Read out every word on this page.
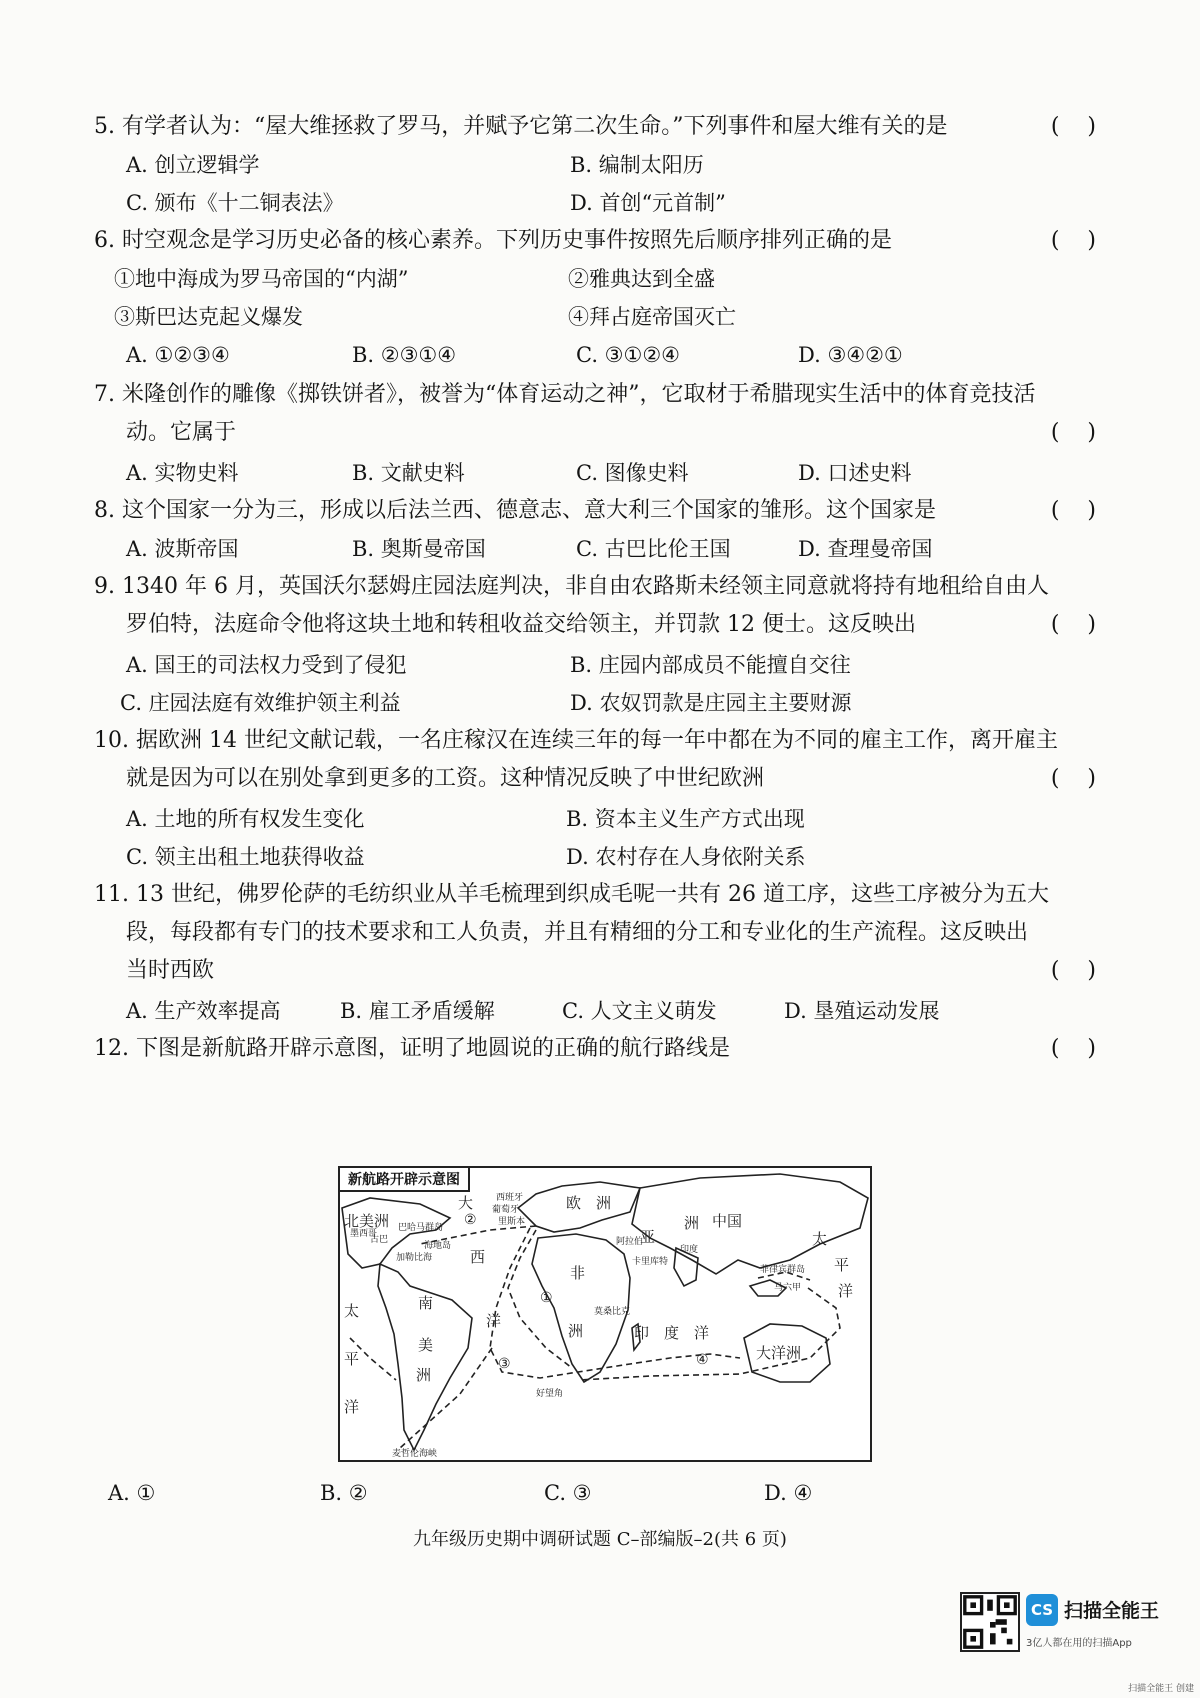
5. 有学者认为：“屋大维拯救了罗马，并赋予它第二次生命。”下列事件和屋大维有关的是	()
A. 创立逻辑学	B. 编制太阳历
C. 颁布《十二铜表法》	D. 首创“元首制”
6. 时空观念是学习历史必备的核心素养。下列历史事件按照先后顺序排列正确的是	()
①地中海成为罗马帝国的“内湖”	②雅典达到全盛
③斯巴达克起义爆发	④拜占庭帝国灭亡
A. ①②③④	B. ②③①④	C. ③①②④	D. ③④②①
7. 米隆创作的雕像《掷铁饼者》，被誉为“体育运动之神”，它取材于希腊现实生活中的体育竞技活
动。它属于	()
A. 实物史料	B. 文献史料	C. 图像史料	D. 口述史料
8. 这个国家一分为三，形成以后法兰西、德意志、意大利三个国家的雏形。这个国家是	()
A. 波斯帝国	B. 奥斯曼帝国	C. 古巴比伦王国	D. 查理曼帝国
9. 1340 年 6 月，英国沃尔瑟姆庄园法庭判决，非自由农路斯未经领主同意就将持有地租给自由人
罗伯特，法庭命令他将这块土地和转租收益交给领主，并罚款 12 便士。这反映出	()
A. 国王的司法权力受到了侵犯	B. 庄园内部成员不能擅自交往
C. 庄园法庭有效维护领主利益	D. 农奴罚款是庄园主主要财源
10. 据欧洲 14 世纪文献记载，一名庄稼汉在连续三年的每一年中都在为不同的雇主工作，离开雇主
就是因为可以在别处拿到更多的工资。这种情况反映了中世纪欧洲	()
A. 土地的所有权发生变化	B. 资本主义生产方式出现
C. 领主出租土地获得收益	D. 农村存在人身依附关系
11. 13 世纪，佛罗伦萨的毛纺织业从羊毛梳理到织成毛呢一共有 26 道工序，这些工序被分为五大
段，每段都有专门的技术要求和工人负责，并且有精细的分工和专业化的生产流程。这反映出
当时西欧	()
A. 生产效率提高	B. 雇工矛盾缓解	C. 人文主义萌发	D. 垦殖运动发展
12. 下图是新航路开辟示意图，证明了地圆说的正确的航行路线是	()
北美洲
大
西
洋
欧　洲
亚
洲 中国
非
洲
太
平
洋
太
平
洋
南
美
洲
印　度　洋
大洋洲
①
②
③	④
西班牙
葡萄牙
里斯本
巴哈马群岛
古巴
海地岛
加勒比海
阿拉伯
印度
卡里库特
莫桑比克
菲律宾群岛
马六甲
墨西哥
好望角
麦哲伦海峡
新航路开辟示意图
A. ①	B. ②	C. ③	D. ④
九年级历史期中调研试题 C–部编版–2(共 6 页)
CS 扫描全能王
3亿人都在用的扫描App
扫描全能王 创建
